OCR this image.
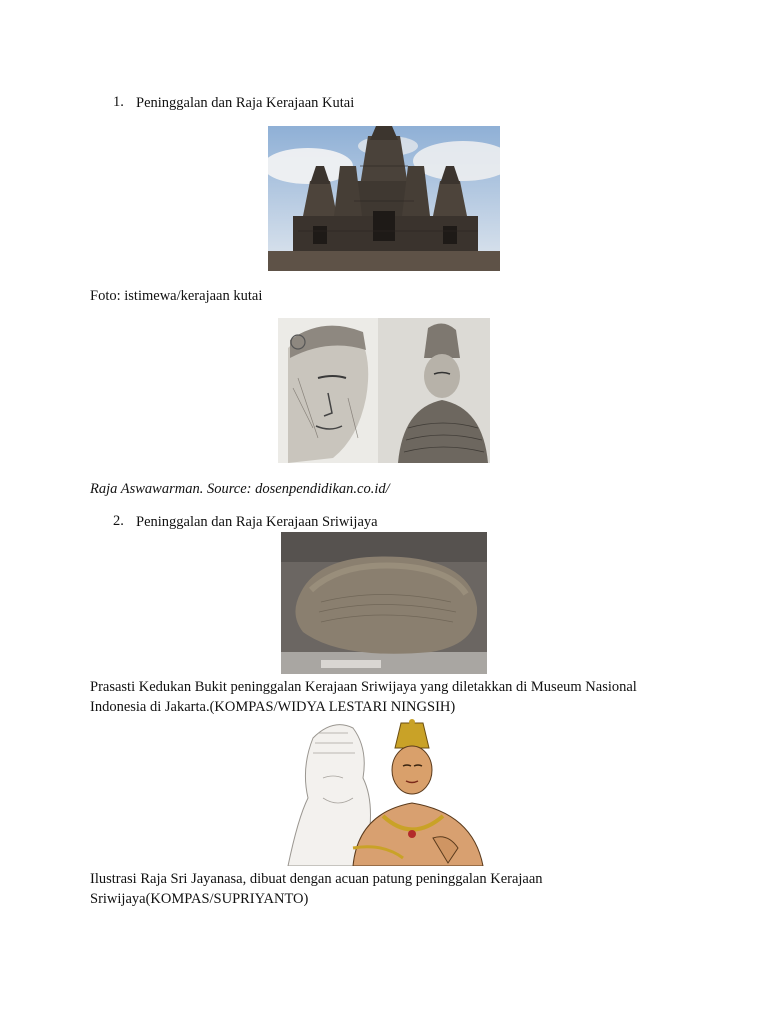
1. Peninggalan dan Raja Kerajaan Kutai
Foto: istimewa/kerajaan kutai
Raja Aswawarman. Source: dosenpendidikan.co.id/
2. Peninggalan dan Raja Kerajaan Sriwijaya
Prasasti Kedukan Bukit peninggalan Kerajaan Sriwijaya yang diletakkan di Museum Nasional Indonesia di Jakarta.(KOMPAS/WIDYA LESTARI NINGSIH)
Ilustrasi Raja Sri Jayanasa, dibuat dengan acuan patung peninggalan Kerajaan Sriwijaya(KOMPAS/SUPRIYANTO)
